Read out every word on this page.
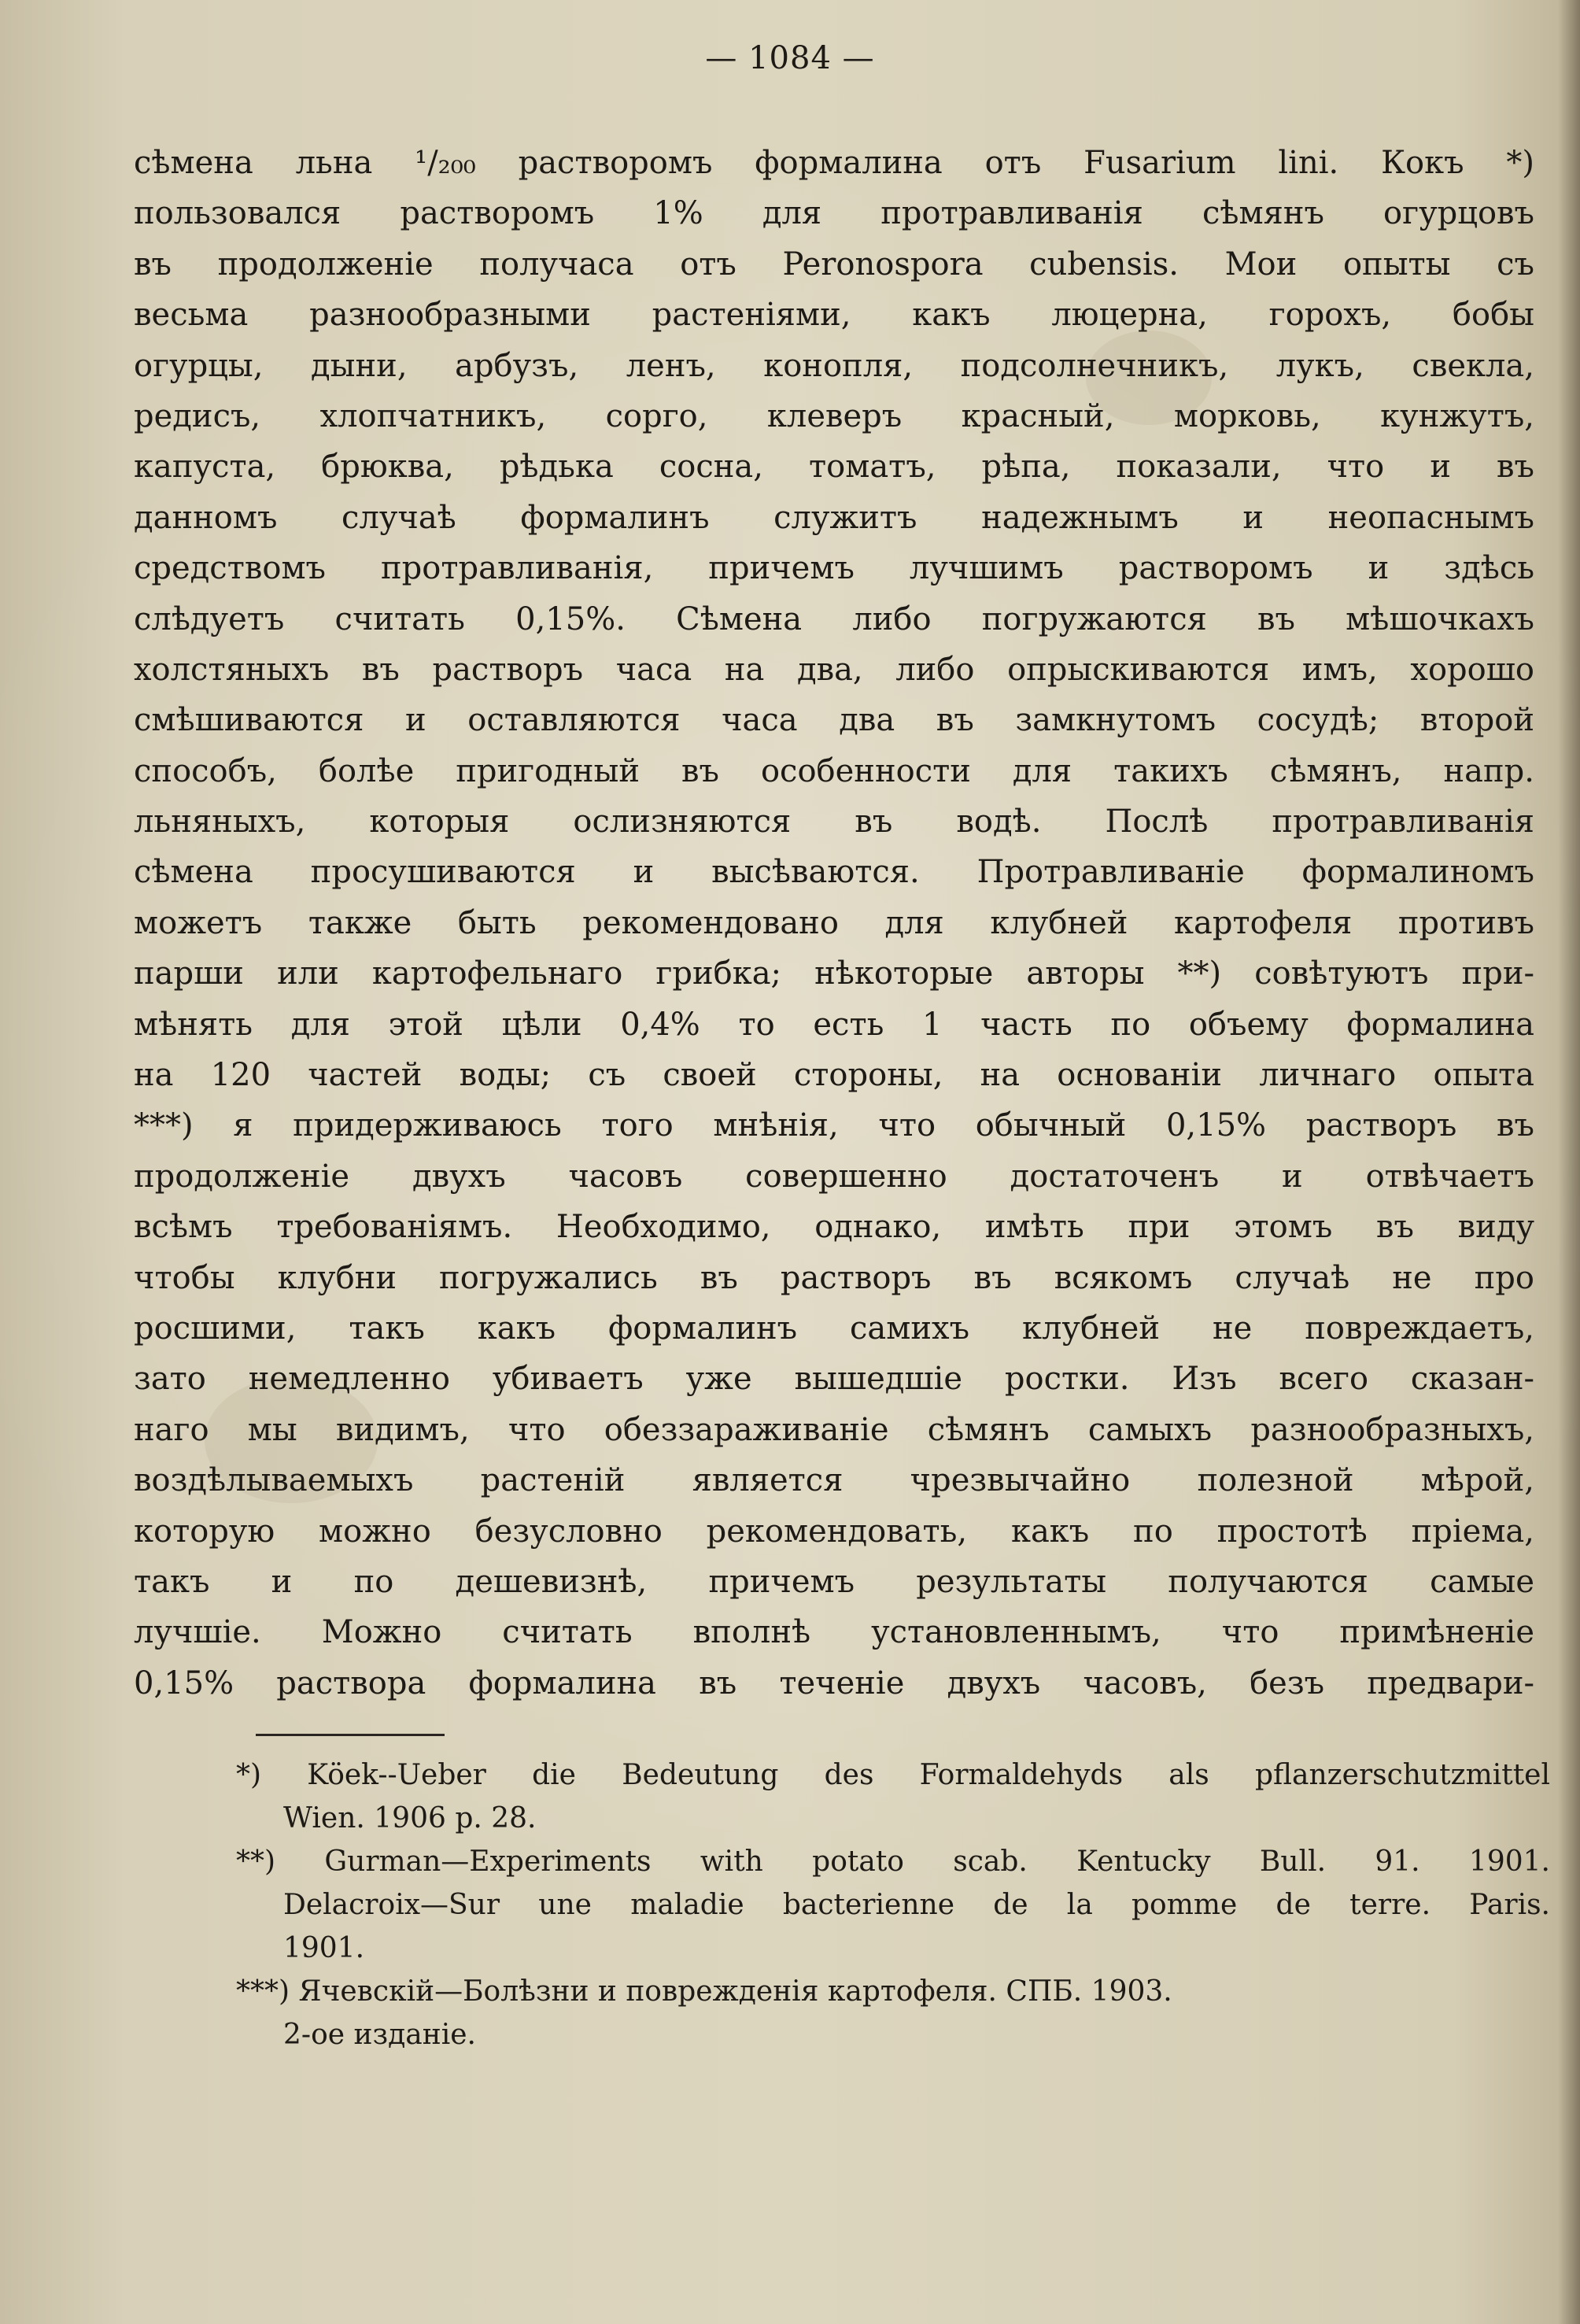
— 1084 —
сѣмена льна ¹/₂₀₀ растворомъ формалина отъ Fusarium lini. Кокъ *)
пользовался растворомъ 1% для протравливанія сѣмянъ огурцовъ
въ продолженіе получаса отъ Peronospora cubensis. Мои опыты съ
весьма разнообразными растеніями, какъ люцерна, горохъ, бобы
огурцы, дыни, арбузъ, ленъ, конопля, подсолнечникъ, лукъ, свекла,
редисъ, хлопчатникъ, сорго, клеверъ красный, морковь, кунжутъ,
капуста, брюква, рѣдька сосна, томатъ, рѣпа, показали, что и въ
данномъ случаѣ формалинъ служитъ надежнымъ и неопаснымъ
средствомъ протравливанія, причемъ лучшимъ растворомъ и здѣсь
слѣдуетъ считать 0,15%. Сѣмена либо погружаются въ мѣшочкахъ
холстяныхъ въ растворъ часа на два, либо опрыскиваются имъ, хорошо
смѣшиваются и оставляются часа два въ замкнутомъ сосудѣ; второй
способъ, болѣе пригодный въ особенности для такихъ сѣмянъ, напр.
льняныхъ, которыя ослизняются въ водѣ. Послѣ протравливанія
сѣмена просушиваются и высѣваются. Протравливаніе формалиномъ
можетъ также быть рекомендовано для клубней картофеля противъ
парши или картофельнаго грибка; нѣкоторые авторы **) совѣтуютъ при-
мѣнять для этой цѣли 0,4% то есть 1 часть по объему формалина
на 120 частей воды; съ своей стороны, на основаніи личнаго опыта
***) я придерживаюсь того мнѣнія, что обычный 0,15% растворъ въ
продолженіе двухъ часовъ совершенно достаточенъ и отвѣчаетъ
всѣмъ требованіямъ. Необходимо, однако, имѣть при этомъ въ виду
чтобы клубни погружались въ растворъ въ всякомъ случаѣ не про
росшими, такъ какъ формалинъ самихъ клубней не повреждаетъ,
зато немедленно убиваетъ уже вышедшіе ростки. Изъ всего сказан-
наго мы видимъ, что обеззараживаніе сѣмянъ самыхъ разнообразныхъ,
воздѣлываемыхъ растеній является чрезвычайно полезной мѣрой,
которую можно безусловно рекомендовать, какъ по простотѣ пріема,
такъ и по дешевизнѣ, причемъ результаты получаются самые
лучшіе. Можно считать вполнѣ установленнымъ, что примѣненіе
0,15% раствора формалина въ теченіе двухъ часовъ, безъ предвари-
*) Köek--Ueber die Bedeutung des Formaldehyds als pflanzerschutzmittel
Wien. 1906 p. 28.
**) Gurman—Experiments with potato scab. Kentucky Bull. 91. 1901.
Delacroix—Sur une maladie bacterienne de la pomme de terre. Paris.
1901.
***) Ячевскій—Болѣзни и поврежденія картофеля. СПБ. 1903.
2-ое изданіе.
